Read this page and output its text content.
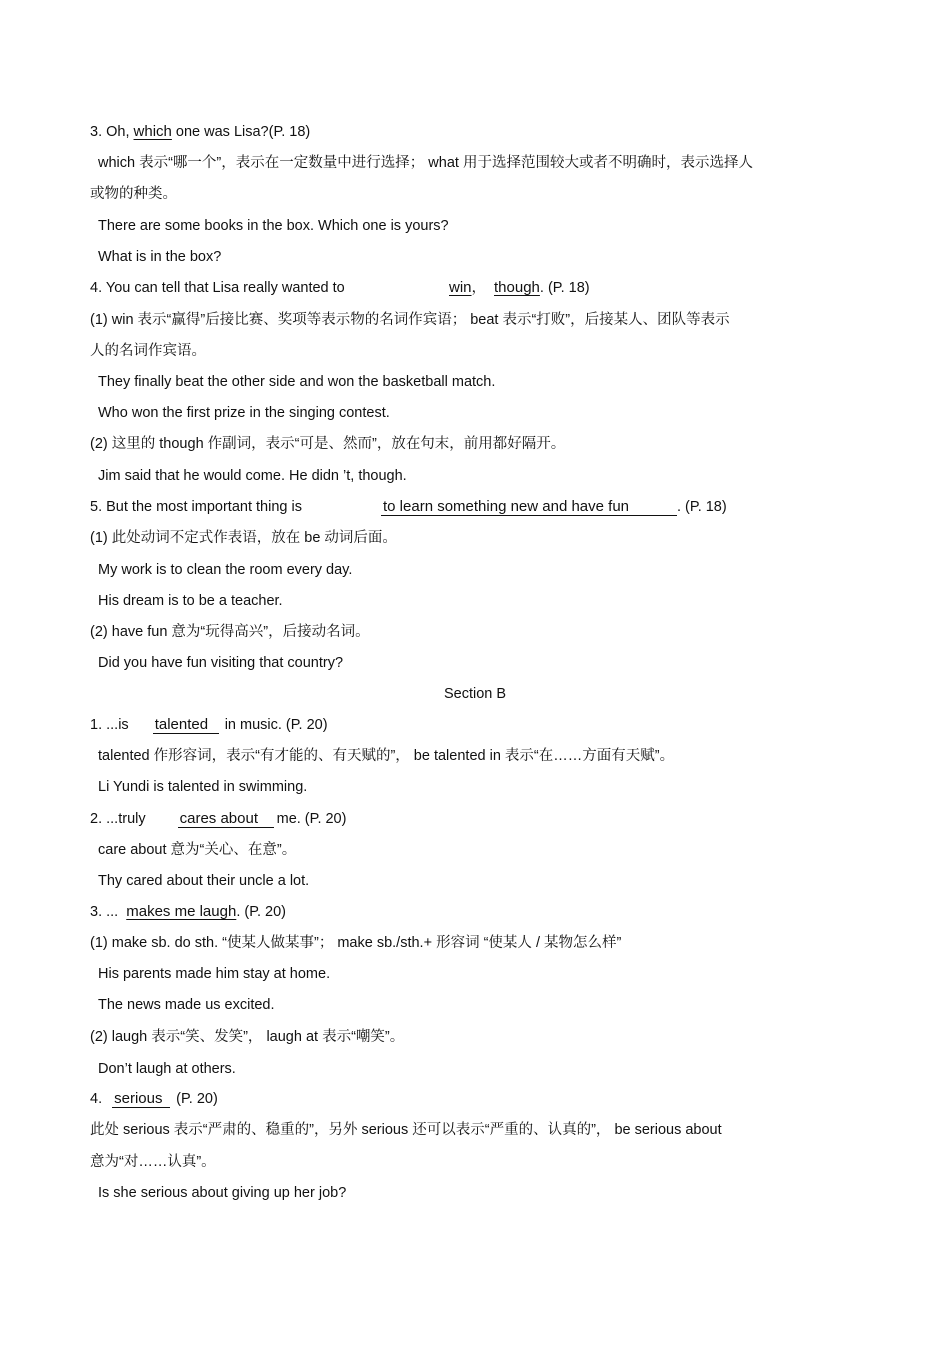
3. Oh, which one was Lisa?(P. 18)
which 表示“哪一个”，表示在一定数量中进行选择； what 用于选择范围较大或者不明确时，表示选择人
或物的种类。
There are some books in the box. Which one is yours?
What is in the box?
4. You can tell that Lisa really wanted to	win， though. (P. 18)
(1) win 表示“赢得”后接比赛、奖项等表示物的名词作宾语； beat 表示“打败”，后接某人、团队等表示
人的名词作宾语。
They finally beat the other side and won the basketball match.
Who won the first prize in the singing contest.
(2) 这里的 though 作副词，表示“可是、然而”，放在句末，前用都好隔开。
Jim said that he would come. He didn ’t, though.
5. But the most important thing is	to learn something new and have fun	. (P. 18)
(1) 此处动词不定式作表语，放在 be 动词后面。
My work is to clean the room every day.
His dream is to be a teacher.
(2) have fun 意为“玩得高兴”，后接动名词。
Did you have fun visiting that country?
Section B
1. ...is talented in music. (P. 20)
talented 作形容词，表示“有才能的、有天赋的”， be talented in 表示“在……方面有天赋”。
Li Yundi is talented in swimming.
2. ...truly cares about me. (P. 20)
care about 意为“关心、在意”。
Thy cared about their uncle a lot.
3. ... makes me laugh. (P. 20)
(1) make sb. do sth. “使某人做某事”； make sb./sth.+ 形容词 “使某人 / 某物怎么样”
His parents made him stay at home.
The news made us excited.
(2) laugh 表示“笑、发笑”， laugh at 表示“嘲笑”。
Don’t laugh at others.
4. serious (P. 20)
此处 serious 表示“严肃的、稳重的”，另外 serious 还可以表示“严重的、认真的”， be serious about
意为“对……认真”。
Is she serious about giving up her job?
